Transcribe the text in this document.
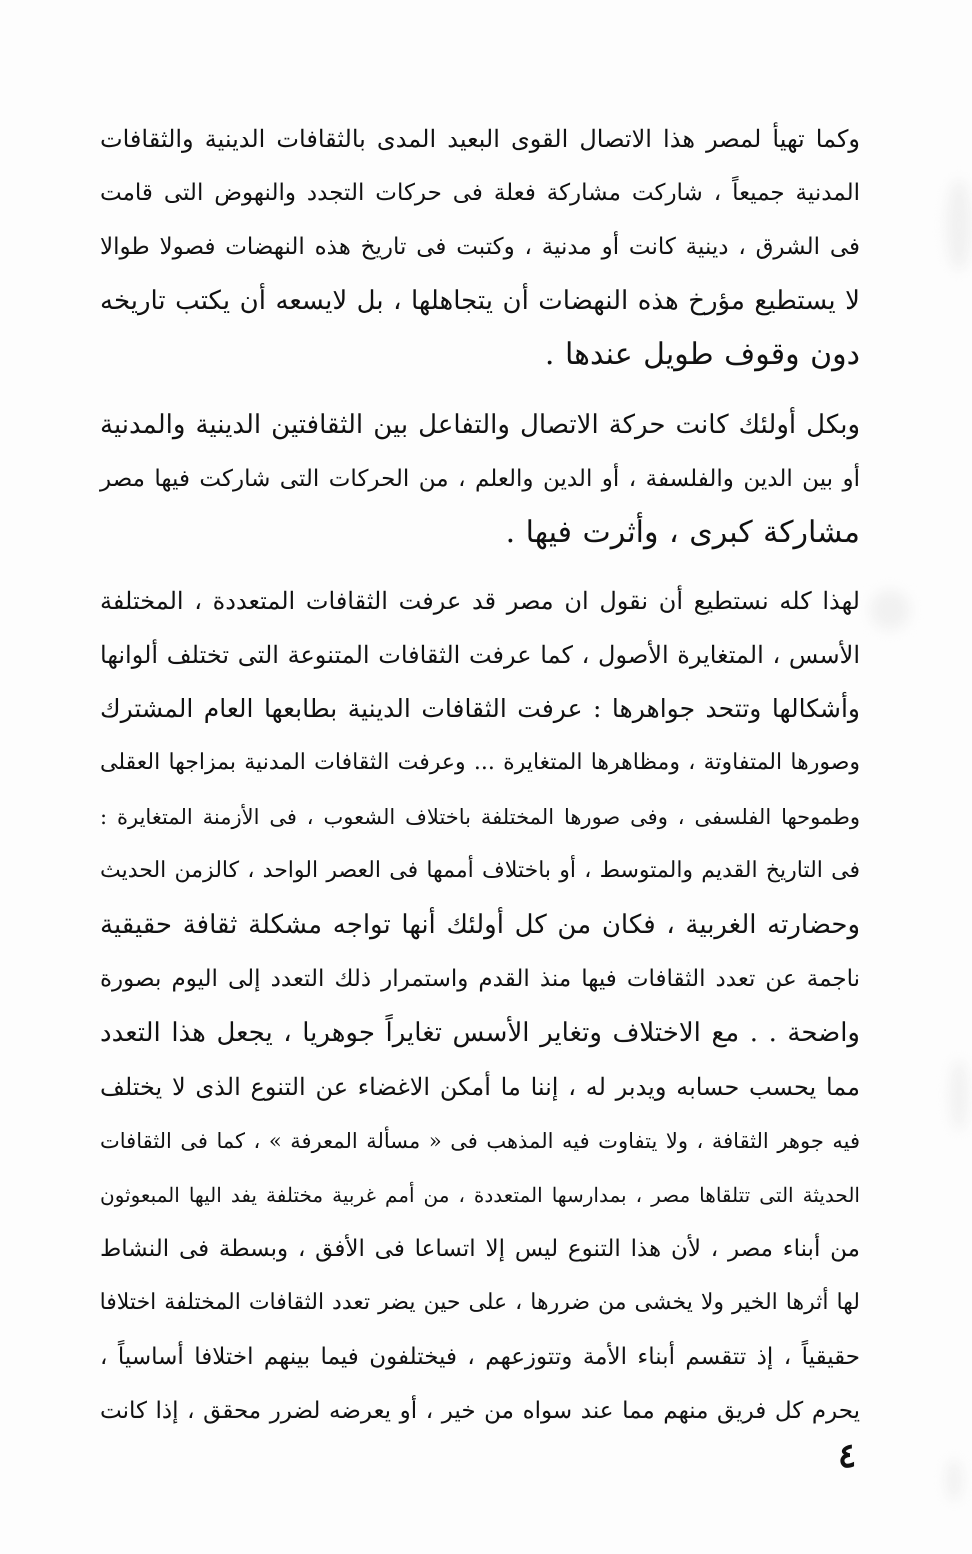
وكما تهيأ لمصر هذا الاتصال القوى البعيد المدى بالثقافات الدينية والثقافات
المدنية جميعاً ، شاركت مشاركة فعلة فى حركات التجدد والنهوض التى قامت
فى الشرق ، دينية كانت أو مدنية ، وكتبت فى تاريخ هذه النهضات فصولا طوالا
لا يستطيع مؤرخ هذه النهضات أن يتجاهلها ، بل لايسعه أن يكتب تاريخه
دون وقوف طويل عندها .
وبكل أولئك كانت حركة الاتصال والتفاعل بين الثقافتين الدينية والمدنية
أو بين الدين والفلسفة ، أو الدين والعلم ، من الحركات التى شاركت فيها مصر
مشاركة كبرى ، وأثرت فيها .
لهذا كله نستطيع أن نقول ان مصر قد عرفت الثقافات المتعددة ، المختلفة
الأسس ، المتغايرة الأصول ، كما عرفت الثقافات المتنوعة التى تختلف ألوانها
وأشكالها وتتحد جواهرها : عرفت الثقافات الدينية بطابعها العام المشترك
وصورها المتفاوتة ، ومظاهرها المتغايرة ... وعرفت الثقافات المدنية بمزاجها العقلى
وطموحها الفلسفى ، وفى صورها المختلفة باختلاف الشعوب ، فى الأزمنة المتغايرة :
فى التاريخ القديم والمتوسط ، أو باختلاف أممها فى العصر الواحد ، كالزمن الحديث
وحضارته الغربية ، فكان من كل أولئك أنها تواجه مشكلة ثقافة حقيقية
ناجمة عن تعدد الثقافات فيها منذ القدم واستمرار ذلك التعدد إلى اليوم بصورة
واضحة . . مع الاختلاف وتغاير الأسس تغايراً جوهريا ، يجعل هذا التعدد
مما يحسب حسابه ويدبر له ، إننا ما أمكن الاغضاء عن التنوع الذى لا يختلف
فيه جوهر الثقافة ، ولا يتفاوت فيه المذهب فى « مسألة المعرفة » ، كما فى الثقافات
الحديثة التى تتلقاها مصر ، بمدارسها المتعددة ، من أمم غربية مختلفة يفد اليها المبعوثون
من أبناء مصر ، لأن هذا التنوع ليس إلا اتساعا فى الأفق ، وبسطة فى النشاط
لها أثرها الخير ولا يخشى من ضررها ، على حين يضر تعدد الثقافات المختلفة اختلافا
حقيقياً ، إذ تتقسم أبناء الأمة وتتوزعهم ، فيختلفون فيما بينهم اختلافا أساسياً ،
يحرم كل فريق منهم مما عند سواه من خير ، أو يعرضه لضرر محقق ، إذا كانت
٤
